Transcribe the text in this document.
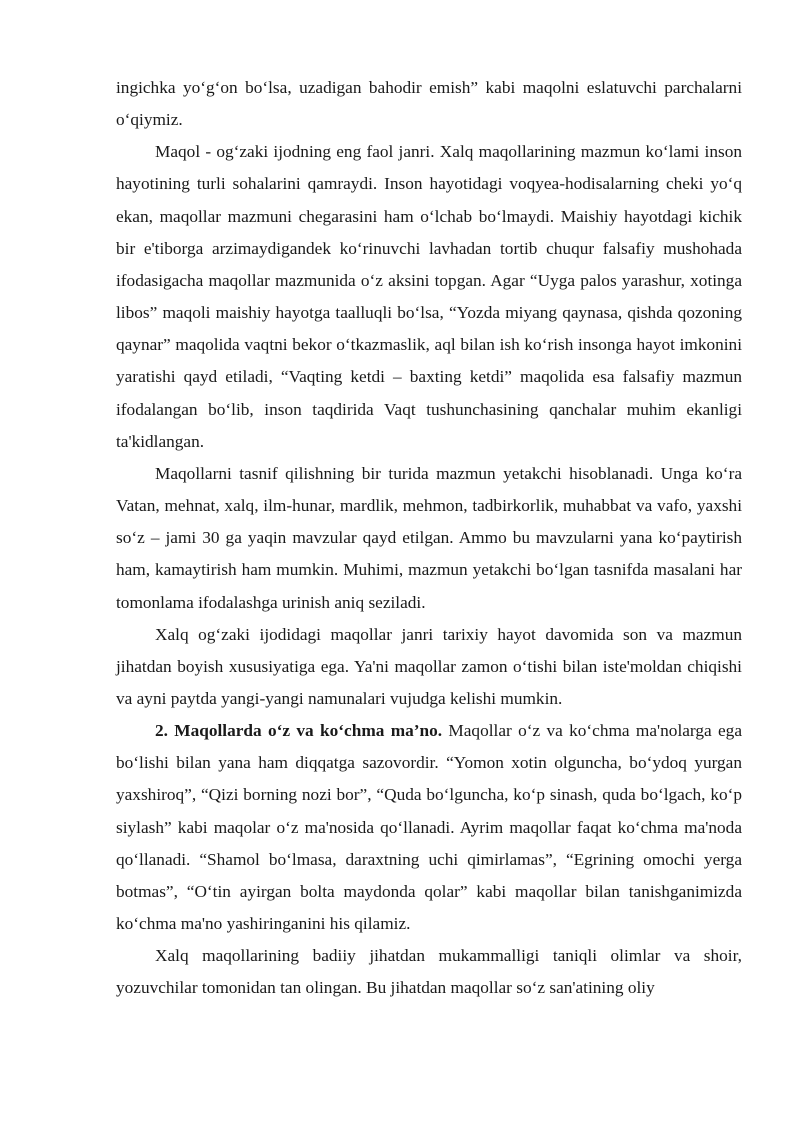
ingichka yo‘g‘on bo‘lsa, uzadigan bahodir emish” kabi maqolni eslatuvchi parchalarni o‘qiymiz.

Maqol - og‘zaki ijodning eng faol janri. Xalq maqollarining mazmun ko‘lami inson hayotining turli sohalarini qamraydi. Inson hayotidagi voqyea-hodisalarning cheki yo‘q ekan, maqollar mazmuni chegarasini ham o‘lchab bo‘lmaydi. Maishiy hayotdagi kichik bir e'tiborga arzimaydigandek ko‘rinuvchi lavhadan tortib chuqur falsafiy mushohada ifodasigacha maqollar mazmunida o‘z aksini topgan. Agar “Uyga palos yarashur, xotinga libos” maqoli maishiy hayotga taalluqli bo‘lsa, “Yozda miyang qaynasa, qishda qozoning qaynar” maqolida vaqtni bekor o‘tkazmaslik, aql bilan ish ko‘rish insonga hayot imkonini yaratishi qayd etiladi, “Vaqting ketdi – baxting ketdi” maqolida esa falsafiy mazmun ifodalangan bo‘lib, inson taqdirida Vaqt tushunchasining qanchalar muhim ekanligi ta'kidlangan.

Maqollarni tasnif qilishning bir turida mazmun yetakchi hisoblanadi. Unga ko‘ra Vatan, mehnat, xalq, ilm-hunar, mardlik, mehmon, tadbirkorlik, muhabbat va vafo, yaxshi so‘z – jami 30 ga yaqin mavzular qayd etilgan. Ammo bu mavzularni yana ko‘paytirish ham, kamaytirish ham mumkin. Muhimi, mazmun yetakchi bo‘lgan tasnifda masalani har tomonlama ifodalashga urinish aniq seziladi.

Xalq og‘zaki ijodidagi maqollar janri tarixiy hayot davomida son va mazmun jihatdan boyish xususiyatiga ega. Ya'ni maqollar zamon o‘tishi bilan iste'moldan chiqishi va ayni paytda yangi-yangi namunalari vujudga kelishi mumkin.

2. Maqollarda o‘z va ko‘chma ma’no. Maqollar o‘z va ko‘chma ma'nolarga ega bo‘lishi bilan yana ham diqqatga sazovordir. “Yomon xotin olguncha, bo‘ydoq yurgan yaxshiroq”, “Qizi borning nozi bor”, “Quda bo‘lguncha, ko‘p sinash, quda bo‘lgach, ko‘p siylash” kabi maqolar o‘z ma'nosida qo‘llanadi. Ayrim maqollar faqat ko‘chma ma'noda qo‘llanadi. “Shamol bo‘lmasa, daraxtning uchi qimirlamas”, “Egrining omochi yerga botmas”, “O‘tin ayirgan bolta maydonda qolar” kabi maqollar bilan tanishganimizda ko‘chma ma'no yashiringanini his qilamiz.

Xalq maqollarining badiiy jihatdan mukammalligi taniqli olimlar va shoir, yozuvchilar tomonidan tan olingan. Bu jihatdan maqollar so‘z san'atining oliy
